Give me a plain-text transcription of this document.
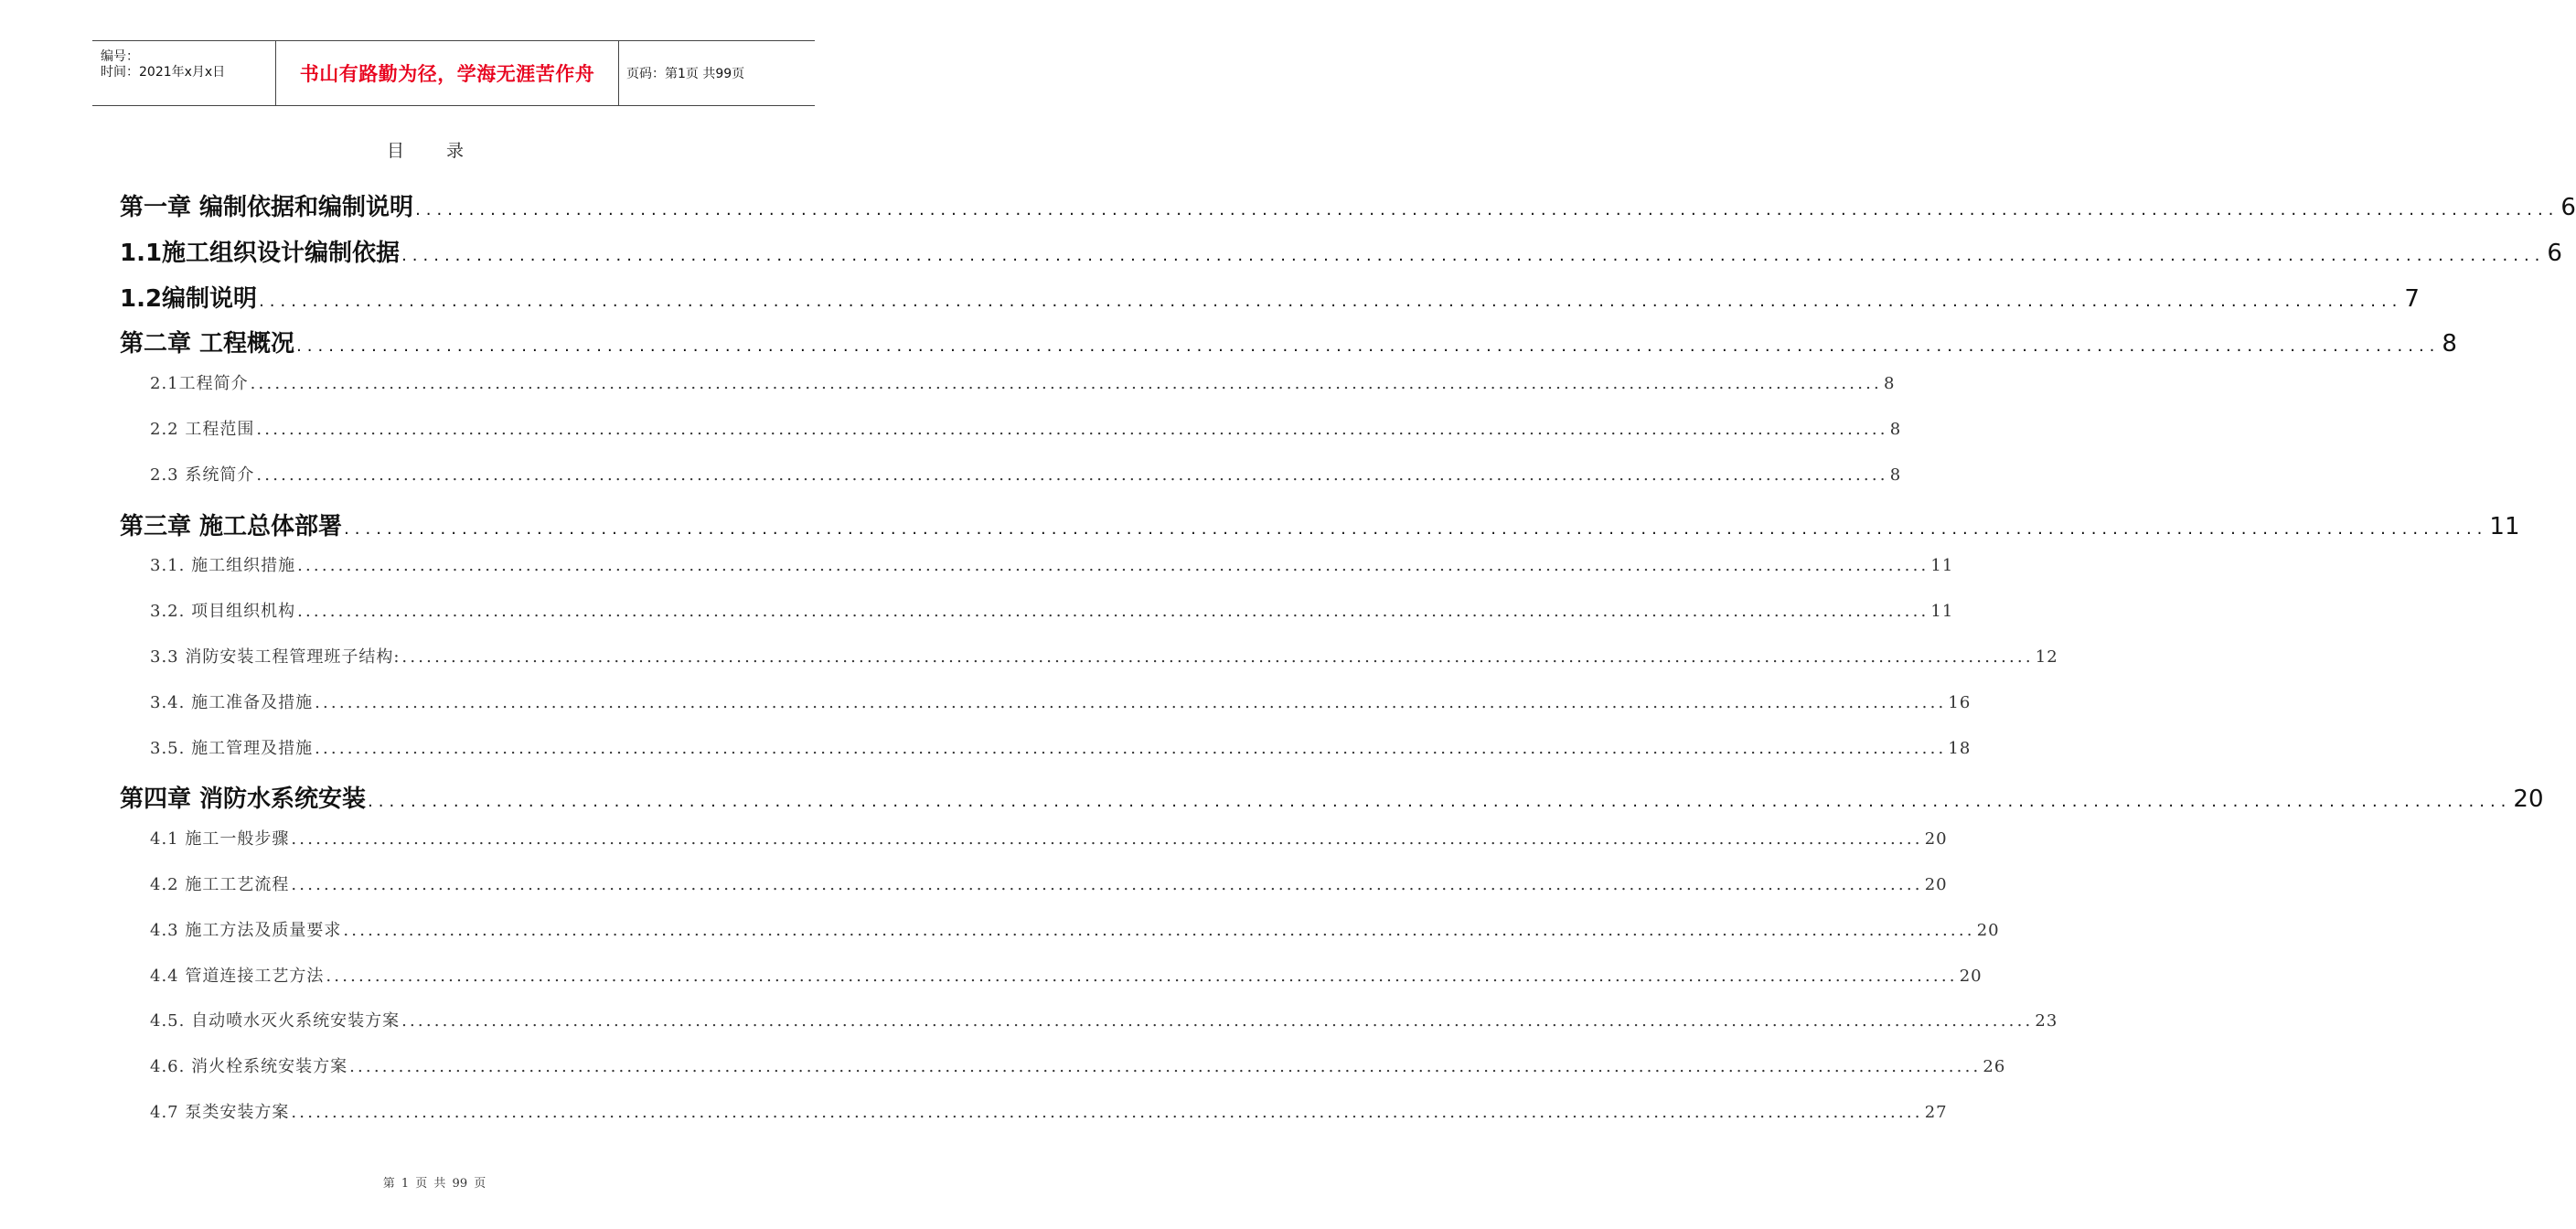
编号：
时间：2021年x月x日	书山有路勤为径，学海无涯苦作舟	页码：第1页 共99页
目 录
第一章 编制依据和编制说明 ........................................................................................................................................................................................................ 6
1.1施工组织设计编制依据 ........................................................................................................................................................................................................ 6
1.2编制说明 ........................................................................................................................................................................................................ 7
第二章 工程概况 ........................................................................................................................................................................................................ 8
2.1工程简介 ........................................................................................................................................................................................................ 8
2.2 工程范围 ........................................................................................................................................................................................................ 8
2.3 系统简介 ........................................................................................................................................................................................................ 8
第三章 施工总体部署 ........................................................................................................................................................................................................ 11
3.1. 施工组织措施 ........................................................................................................................................................................................................ 11
3.2. 项目组织机构 ........................................................................................................................................................................................................ 11
3.3 消防安装工程管理班子结构: ........................................................................................................................................................................................................ 12
3.4. 施工准备及措施 ........................................................................................................................................................................................................ 16
3.5. 施工管理及措施 ........................................................................................................................................................................................................ 18
第四章 消防水系统安装 ........................................................................................................................................................................................................ 20
4.1 施工一般步骤 ........................................................................................................................................................................................................ 20
4.2 施工工艺流程 ........................................................................................................................................................................................................ 20
4.3 施工方法及质量要求 ........................................................................................................................................................................................................ 20
4.4 管道连接工艺方法 ........................................................................................................................................................................................................ 20
4.5. 自动喷水灭火系统安装方案 ........................................................................................................................................................................................................ 23
4.6. 消火栓系统安装方案 ........................................................................................................................................................................................................ 26
4.7 泵类安装方案 ........................................................................................................................................................................................................ 27
第 1 页 共 99 页
